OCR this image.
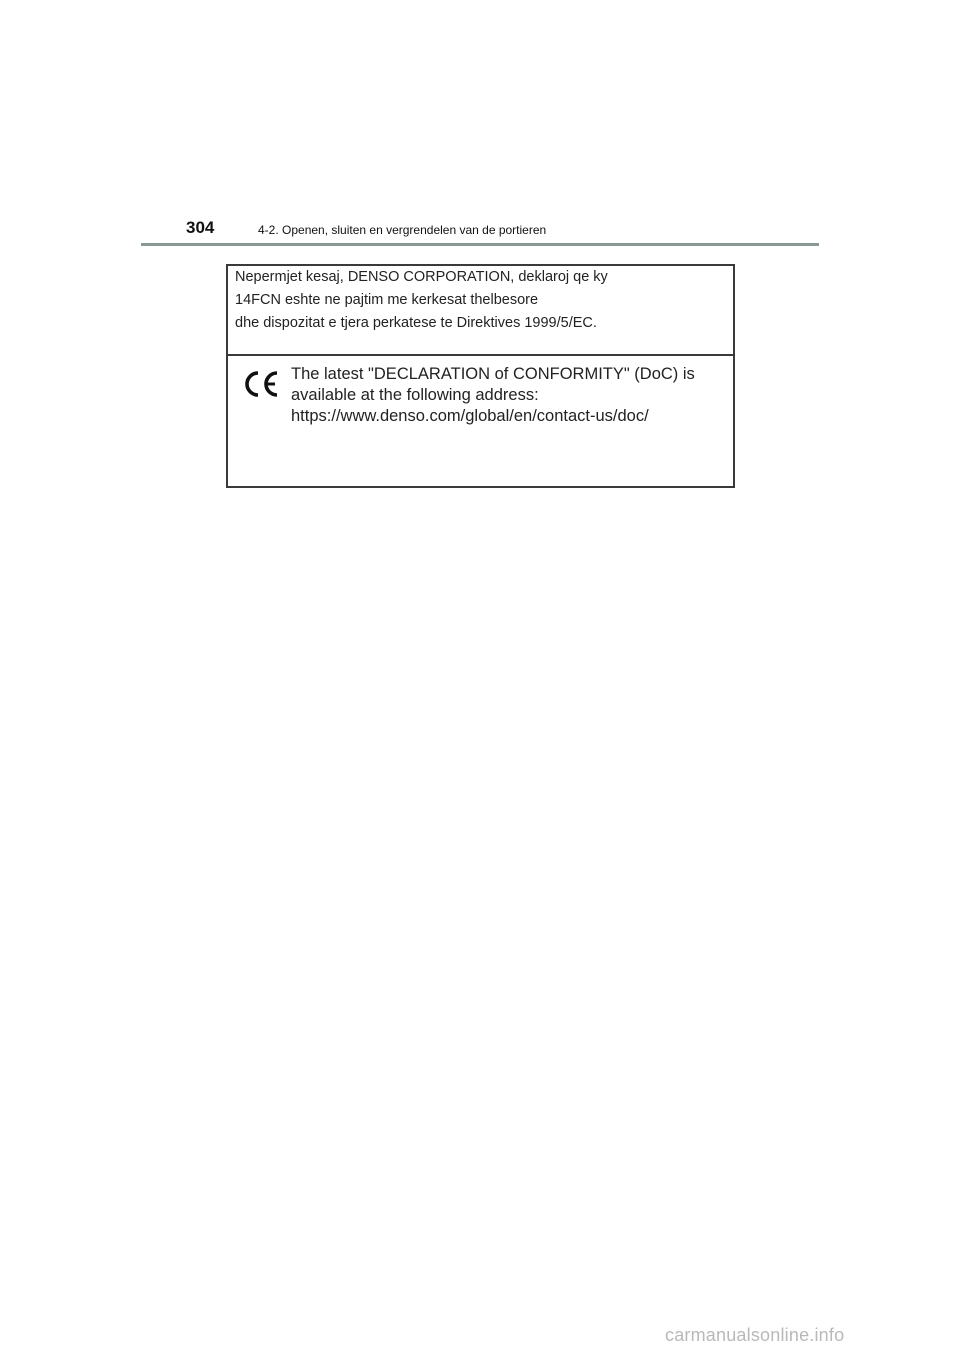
304	4-2. Openen, sluiten en vergrendelen van de portieren
Nepermjet kesaj, DENSO CORPORATION, deklaroj qe ky
14FCN eshte ne pajtim me kerkesat thelbesore
dhe dispozitat e tjera perkatese te Direktives 1999/5/EC.
The latest "DECLARATION of CONFORMITY" (DoC) is
available at the following address:
https://www.denso.com/global/en/contact-us/doc/
carmanualsonline.info
